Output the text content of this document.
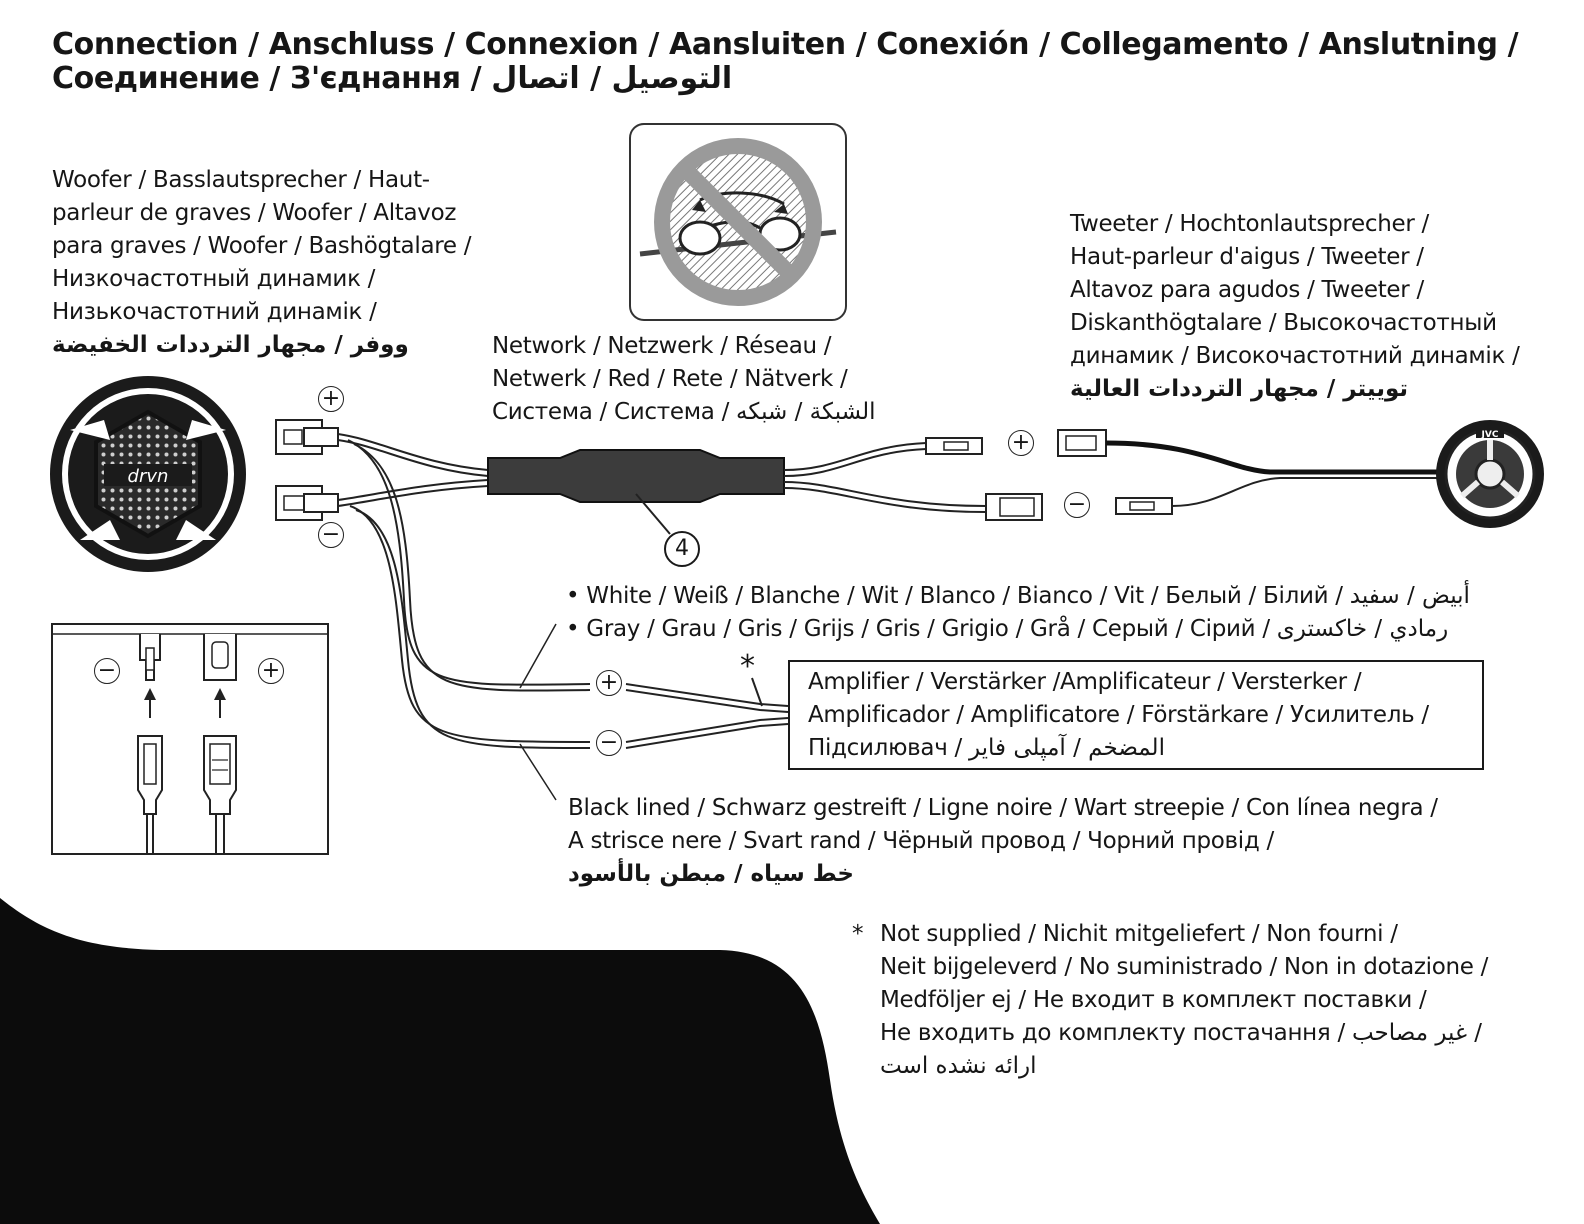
Connection / Anschluss / Connexion / Aansluiten / Conexión / Collegamento / Anslutning /
Соединение / З'єднання / التوصيل / اتصال
drvn
JVC
+
−
+
−
+
−
−	+	*
4
Woofer / Basslautsprecher / Haut-
parleur de graves / Woofer / Altavoz
para graves / Woofer / Bashögtalare /
Низкочастотный динамик /
Низькочастотний динамік /
ووفر / مجهار الترددات الخفيضة	Network / Netzwerk / Réseau /
Netwerk / Red / Rete / Nätverk /
Система / Система / الشبكة / شبكه
Tweeter / Hochtonlautsprecher /
Haut-parleur d'aigus / Tweeter /
Altavoz para agudos / Tweeter /
Diskanthögtalare / Высокочастотный
динамик / Високочастотний динамік /
توييتر / مجهار الترددات العالية
• White / Weiß / Blanche / Wit / Blanco / Bianco / Vit / Белый / Білий / أبيض / سفيد
• Gray / Grau / Gris / Grijs / Gris / Grigio / Grå / Серый / Сірий / رمادي / خاکستری
Amplifier / Verstärker /Amplificateur / Versterker /
Amplificador / Amplificatore / Förstärkare / Усилитель /
Підсилювач / المضخم / آمپلی فایر
Black lined / Schwarz gestreift / Ligne noire / Wart streepie / Con línea negra /
A strisce nere / Svart rand / Чёрный провод / Чорний провід /
خط سیاه / مبطن بالأسود
* Not supplied / Nichit mitgeliefert / Non fourni /
Neit bijgeleverd / No suministrado / Non in dotazione /
Medföljer ej / Не входит в комплект поставки /
Не входить до комплекту постачання / غير مصاحب /
ارائه نشده است
